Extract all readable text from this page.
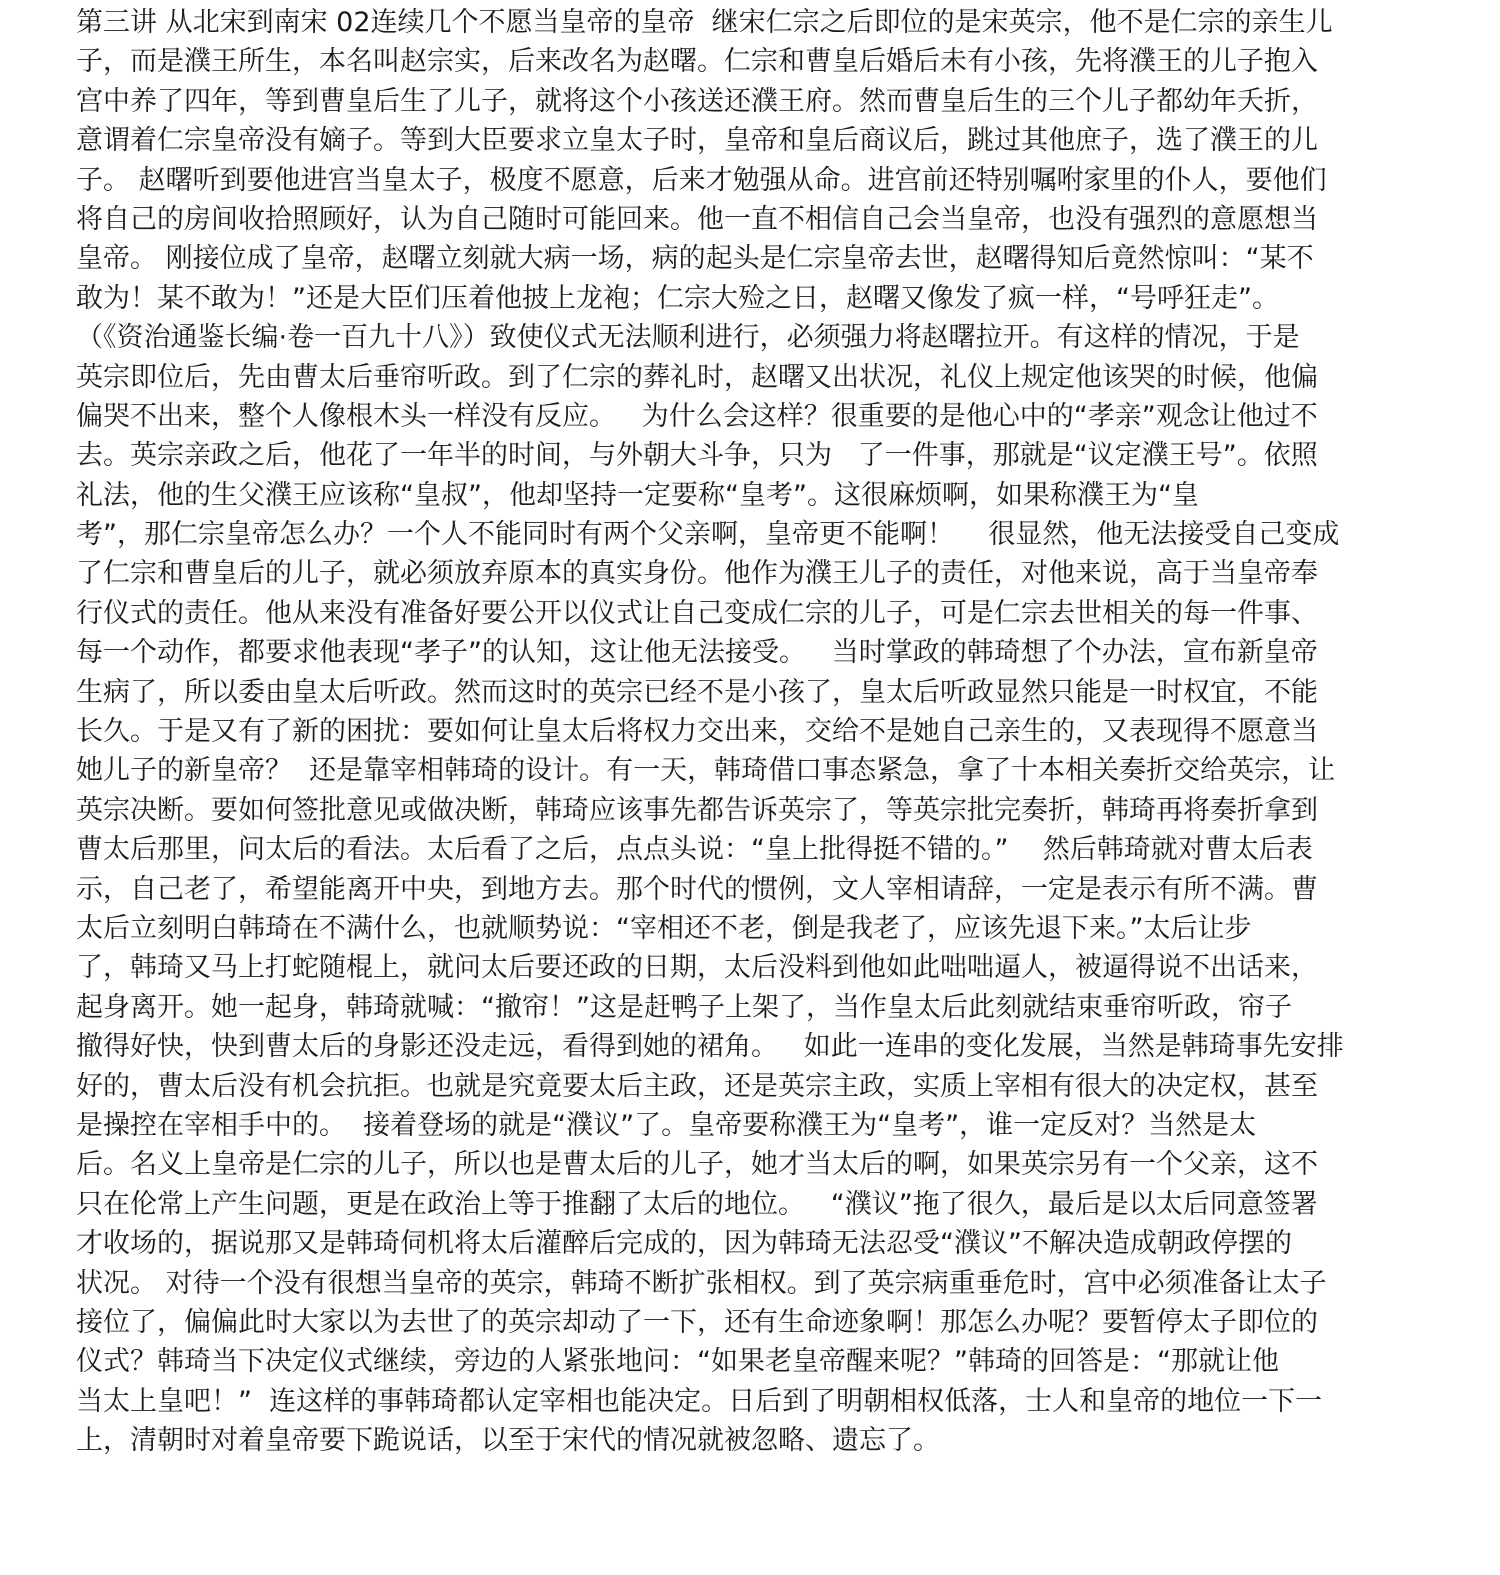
第三讲 从北宋到南宋 02连续几个不愿当皇帝的皇帝  继宋仁宗之后即位的是宋英宗，他不是仁宗的亲生儿
子，而是濮王所生，本名叫赵宗实，后来改名为赵曙。仁宗和曹皇后婚后未有小孩，先将濮王的儿子抱入
宫中养了四年，等到曹皇后生了儿子，就将这个小孩送还濮王府。然而曹皇后生的三个儿子都幼年夭折，
意谓着仁宗皇帝没有嫡子。等到大臣要求立皇太子时，皇帝和皇后商议后，跳过其他庶子，选了濮王的儿
子。 赵曙听到要他进宫当皇太子，极度不愿意，后来才勉强从命。进宫前还特别嘱咐家里的仆人，要他们
将自己的房间收拾照顾好，认为自己随时可能回来。他一直不相信自己会当皇帝，也没有强烈的意愿想当
皇帝。 刚接位成了皇帝，赵曙立刻就大病一场，病的起头是仁宗皇帝去世，赵曙得知后竟然惊叫：“某不
敢为！某不敢为！”还是大臣们压着他披上龙袍；仁宗大殓之日，赵曙又像发了疯一样，“号呼狂走”。
（《资治通鉴长编·卷一百九十八》）致使仪式无法顺利进行，必须强力将赵曙拉开。有这样的情况，于是
英宗即位后，先由曹太后垂帘听政。到了仁宗的葬礼时，赵曙又出状况，礼仪上规定他该哭的时候，他偏
偏哭不出来，整个人像根木头一样没有反应。   为什么会这样？很重要的是他心中的“孝亲”观念让他过不
去。英宗亲政之后，他花了一年半的时间，与外朝大斗争，只为   了一件事，那就是“议定濮王号”。依照
礼法，他的生父濮王应该称“皇叔”，他却坚持一定要称“皇考”。这很麻烦啊，如果称濮王为“皇
考”，那仁宗皇帝怎么办？一个人不能同时有两个父亲啊，皇帝更不能啊！    很显然，他无法接受自己变成
了仁宗和曹皇后的儿子，就必须放弃原本的真实身份。他作为濮王儿子的责任，对他来说，高于当皇帝奉
行仪式的责任。他从来没有准备好要公开以仪式让自己变成仁宗的儿子，可是仁宗去世相关的每一件事、
每一个动作，都要求他表现“孝子”的认知，这让他无法接受。   当时掌政的韩琦想了个办法，宣布新皇帝
生病了，所以委由皇太后听政。然而这时的英宗已经不是小孩了，皇太后听政显然只能是一时权宜，不能
长久。于是又有了新的困扰：要如何让皇太后将权力交出来，交给不是她自己亲生的，又表现得不愿意当
她儿子的新皇帝？  还是靠宰相韩琦的设计。有一天，韩琦借口事态紧急，拿了十本相关奏折交给英宗，让
英宗决断。要如何签批意见或做决断，韩琦应该事先都告诉英宗了，等英宗批完奏折，韩琦再将奏折拿到
曹太后那里，问太后的看法。太后看了之后，点点头说：“皇上批得挺不错的。”    然后韩琦就对曹太后表
示，自己老了，希望能离开中央，到地方去。那个时代的惯例，文人宰相请辞，一定是表示有所不满。曹
太后立刻明白韩琦在不满什么，也就顺势说：“宰相还不老，倒是我老了，应该先退下来。”太后让步
了，韩琦又马上打蛇随棍上，就问太后要还政的日期，太后没料到他如此咄咄逼人，被逼得说不出话来，
起身离开。她一起身，韩琦就喊：“撤帘！”这是赶鸭子上架了，当作皇太后此刻就结束垂帘听政，帘子
撤得好快，快到曹太后的身影还没走远，看得到她的裙角。   如此一连串的变化发展，当然是韩琦事先安排
好的，曹太后没有机会抗拒。也就是究竟要太后主政，还是英宗主政，实质上宰相有很大的决定权，甚至
是操控在宰相手中的。  接着登场的就是“濮议”了。皇帝要称濮王为“皇考”，谁一定反对？当然是太
后。名义上皇帝是仁宗的儿子，所以也是曹太后的儿子，她才当太后的啊，如果英宗另有一个父亲，这不
只在伦常上产生问题，更是在政治上等于推翻了太后的地位。   “濮议”拖了很久，最后是以太后同意签署
才收场的，据说那又是韩琦伺机将太后灌醉后完成的，因为韩琦无法忍受“濮议”不解决造成朝政停摆的
状况。 对待一个没有很想当皇帝的英宗，韩琦不断扩张相权。到了英宗病重垂危时，宫中必须准备让太子
接位了，偏偏此时大家以为去世了的英宗却动了一下，还有生命迹象啊！那怎么办呢？要暂停太子即位的
仪式？韩琦当下决定仪式继续，旁边的人紧张地问：“如果老皇帝醒来呢？”韩琦的回答是：“那就让他
当太上皇吧！”  连这样的事韩琦都认定宰相也能决定。日后到了明朝相权低落，士人和皇帝的地位一下一
上，清朝时对着皇帝要下跪说话，以至于宋代的情况就被忽略、遗忘了。
